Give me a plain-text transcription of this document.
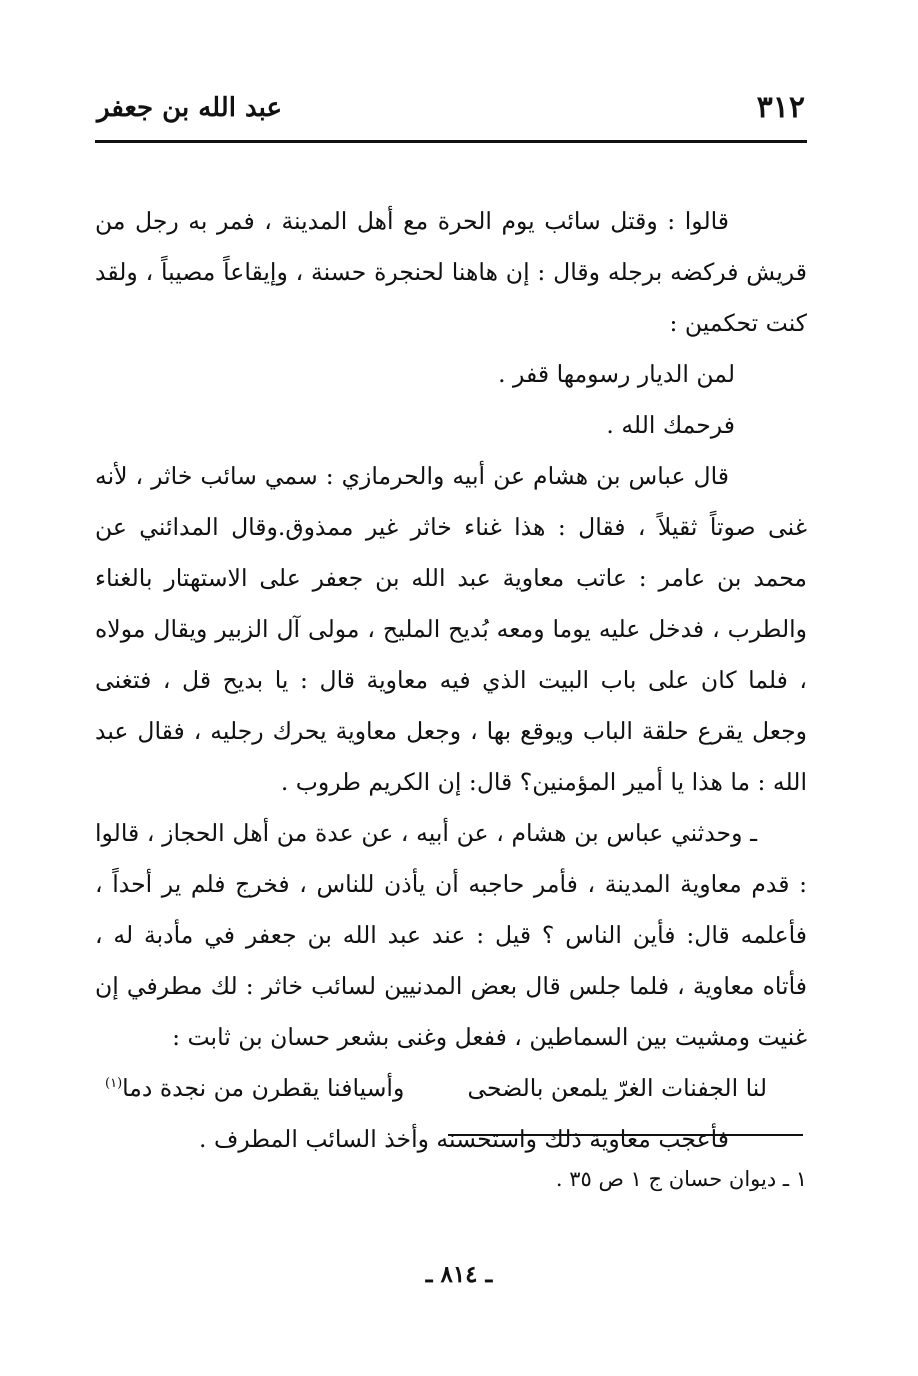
٣١٢
عبد الله بن جعفر

قالوا : وقتل سائب يوم الحرة مع أهل المدينة ، فمر به رجل من قريش فركضه برجله وقال : إن هاهنا لحنجرة حسنة ، وإيقاعاً مصيباً ، ولقد كنت تحكمين :

لمن الديار رسومها قفر .

فرحمك الله .

قال عباس بن هشام عن أبيه والحرمازي : سمي سائب خاثر ، لأنه غنى صوتاً ثقيلاً ، فقال : هذا غناء خاثر غير ممذوق.وقال المدائني عن محمد بن عامر : عاتب معاوية عبد الله بن جعفر على الاستهتار بالغناء والطرب ، فدخل عليه يوما ومعه بُديح المليح ، مولى آل الزبير ويقال مولاه ، فلما كان على باب البيت الذي فيه معاوية قال : يا بديح قل ، فتغنى وجعل يقرع حلقة الباب ويوقع بها ، وجعل معاوية يحرك رجليه ، فقال عبد الله : ما هذا يا أمير المؤمنين؟ قال: إن الكريم طروب .

ـ وحدثني عباس بن هشام ، عن أبيه ، عن عدة من أهل الحجاز ، قالوا : قدم معاوية المدينة ، فأمر حاجبه أن يأذن للناس ، فخرج فلم ير أحداً ، فأعلمه قال: فأين الناس ؟ قيل : عند عبد الله بن جعفر في مأدبة له ، فأتاه معاوية ، فلما جلس قال بعض المدنيين لسائب خاثر : لك مطرفي إن غنيت ومشيت بين السماطين ، ففعل وغنى بشعر حسان بن ثابت :

لنا الجفنات الغرّ يلمعن بالضحى
وأسيافنا يقطرن من نجدة دما$^{(١)}$

فأعجب معاوية ذلك واستحسنه وأخذ السائب المطرف .

١ ـ ديوان حسان ج ١ ص ٣٥ .
ـ ٨١٤ ـ
